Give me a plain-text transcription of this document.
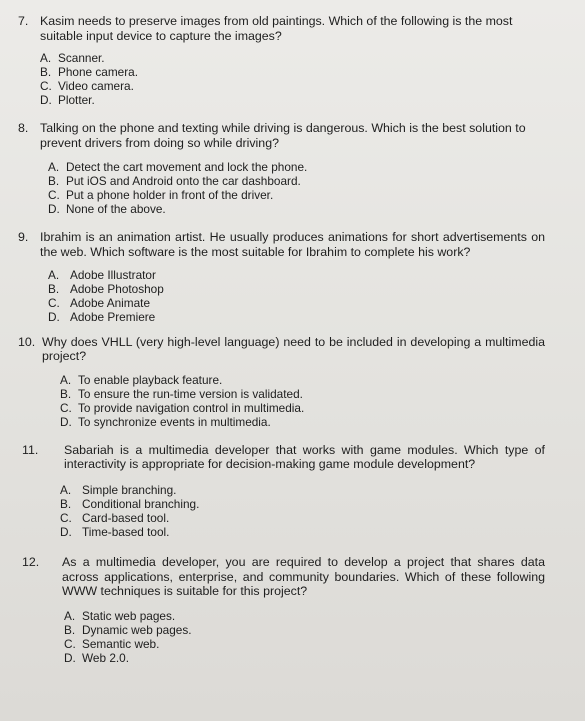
7. Kasim needs to preserve images from old paintings. Which of the following is the most suitable input device to capture the images?

A. Scanner.
B. Phone camera.
C. Video camera.
D. Plotter.

8. Talking on the phone and texting while driving is dangerous. Which is the best solution to prevent drivers from doing so while driving?

A. Detect the cart movement and lock the phone.
B. Put iOS and Android onto the car dashboard.
C. Put a phone holder in front of the driver.
D. None of the above.

9. Ibrahim is an animation artist. He usually produces animations for short advertisements on the web. Which software is the most suitable for Ibrahim to complete his work?

A. Adobe Illustrator
B. Adobe Photoshop
C. Adobe Animate
D. Adobe Premiere

10. Why does VHLL (very high-level language) need to be included in developing a multimedia project?

A. To enable playback feature.
B. To ensure the run-time version is validated.
C. To provide navigation control in multimedia.
D. To synchronize events in multimedia.

11.	Sabariah is a multimedia developer that works with game modules. Which type of interactivity is appropriate for decision-making game module development?

A. Simple branching.
B. Conditional branching.
C. Card-based tool.
D. Time-based tool.

12.	As a multimedia developer, you are required to develop a project that shares data across applications, enterprise, and community boundaries. Which of these following WWW techniques is suitable for this project?

A. Static web pages.
B. Dynamic web pages.
C. Semantic web.
D. Web 2.0.
